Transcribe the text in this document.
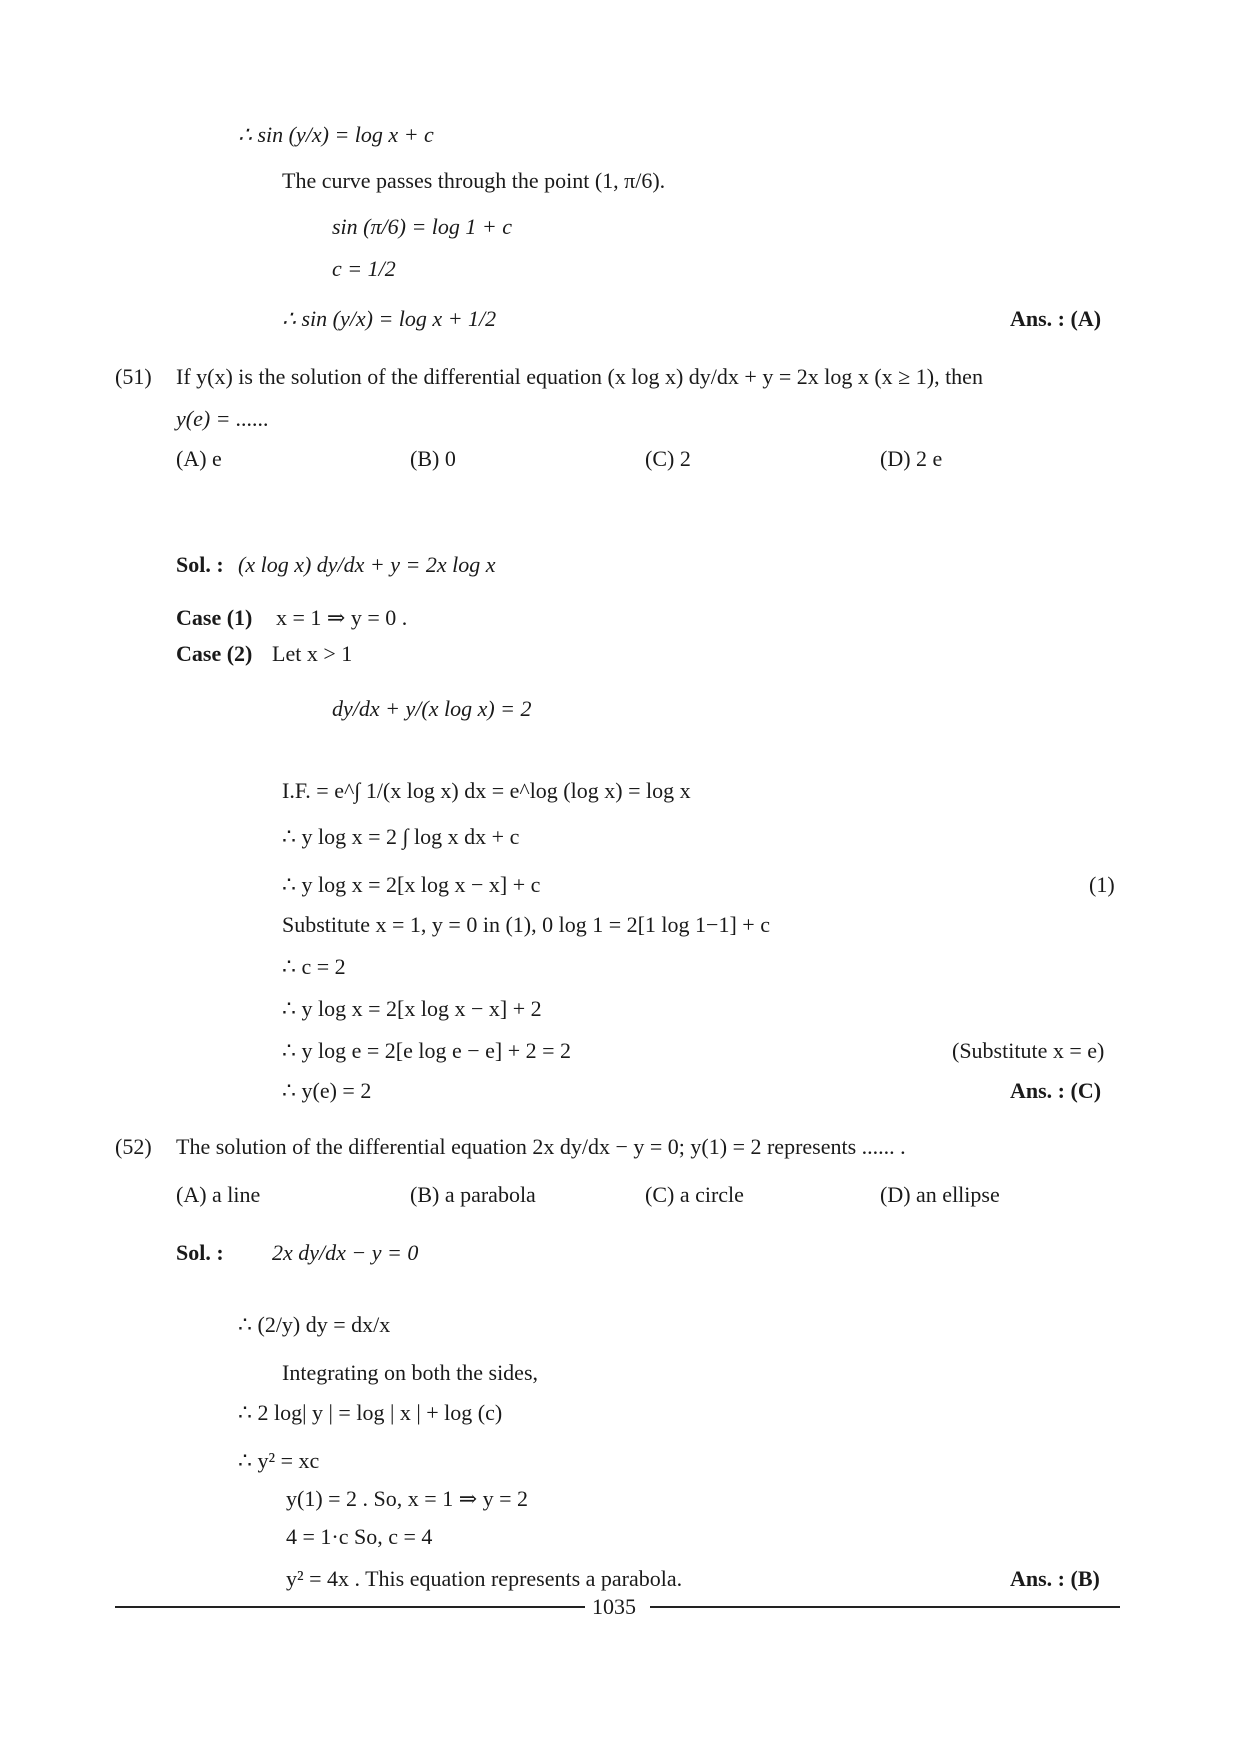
∴ sin (y/x) = log x + c
The curve passes through the point (1, π/6).
sin (π/6) = log 1 + c
c = 1/2
∴ sin (y/x) = log x + 1/2	Ans. : (A)
(51) If y(x) is the solution of the differential equation (x log x) dy/dx + y = 2x log x (x ≥ 1), then
y(e) = ......
(A) e	(B) 0	(C) 2	(D) 2 e
Sol. : (x log x) dy/dx + y = 2x log x
Case (1) x = 1 ⇒ y = 0 .
Case (2) Let x > 1
dy/dx + y/(x log x) = 2
I.F. = e^∫ 1/(x log x) dx = e^log (log x) = log x
∴ y log x = 2 ∫ log x dx + c
∴ y log x = 2[x log x − x] + c	(1)
Substitute x = 1, y = 0 in (1), 0 log 1 = 2[1 log 1−1] + c
∴ c = 2
∴ y log x = 2[x log x − x] + 2
∴ y log e = 2[e log e − e] + 2 = 2	(Substitute x = e)
∴ y(e) = 2	Ans. : (C)
(52) The solution of the differential equation 2x dy/dx − y = 0; y(1) = 2 represents ...... .
(A) a line	(B) a parabola	(C) a circle	(D) an ellipse
Sol. : 2x dy/dx − y = 0
∴ (2/y) dy = dx/x
Integrating on both the sides,
∴ 2 log| y | = log | x | + log (c)
∴ y² = xc
y(1) = 2 . So, x = 1 ⇒ y = 2
4 = 1·c So, c = 4
y² = 4x . This equation represents a parabola.	Ans. : (B)
1035
